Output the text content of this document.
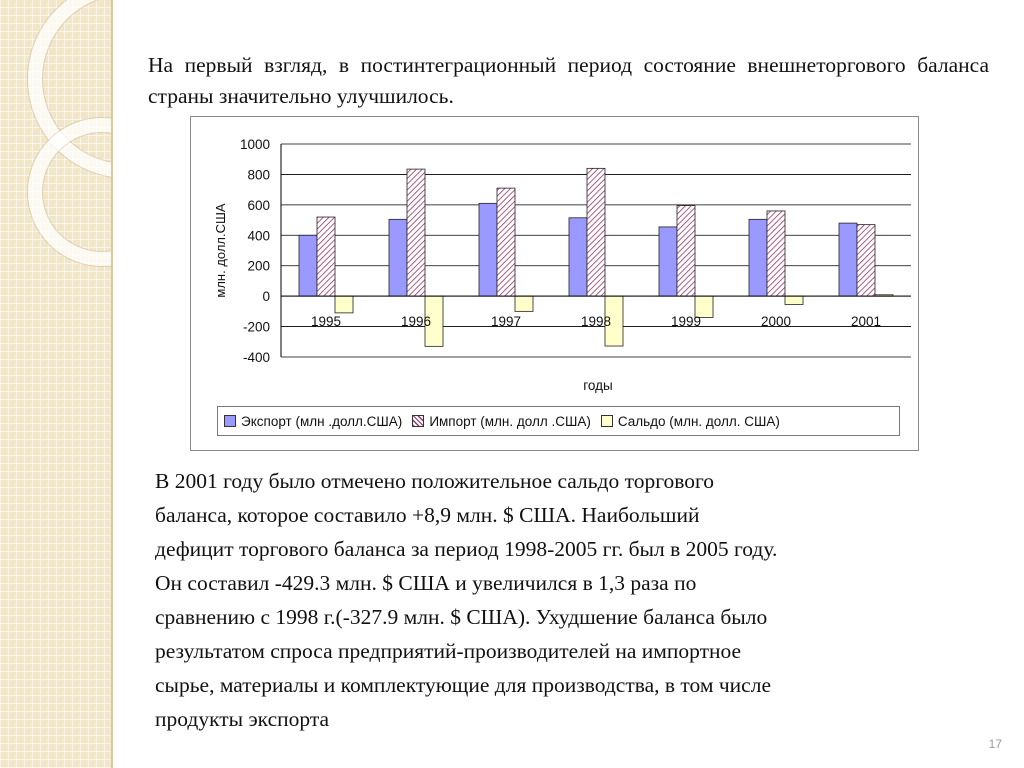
На первый взгляд, в постинтеграционный период состояние внешнеторгового баланса страны значительно улучшилось.
1000
800
600
400
200
0
-200
-400
1995	1996	1997	1998	1999	2000	2001
годы
млн. долл.США
Экспорт (млн .долл.США) Импорт (млн. долл .США) Сальдо (млн. долл. США)

В 2001 году было отмечено положительное сальдо торгового

баланса, которое составило +8,9 млн. $ США. Наибольший

дефицит торгового баланса за период 1998-2005 гг. был в 2005 году.

Он составил -429.3 млн. $ США и увеличился в 1,3 раза по

сравнению с 1998 г.(-327.9 млн. $ США). Ухудшение баланса было

результатом спроса предприятий-производителей на импортное

сырье, материалы и комплектующие для производства, в том числе

продукты экспорта

17
